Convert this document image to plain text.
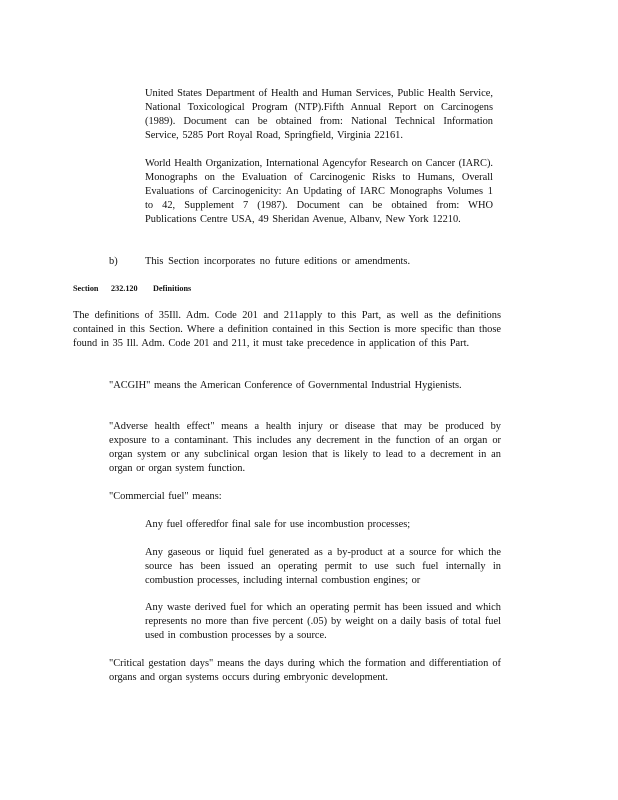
United States Department of Health and Human Services, Public Health Service, National Toxicological Program (NTP).Fifth Annual Report on Carcinogens (1989). Document can be obtained from: National Technical Information Service, 5285 Port Royal Road, Springfield, Virginia 22161.

World Health Organization, International Agencyfor Research on Cancer (IARC). Monographs on the Evaluation of Carcinogenic Risks to Humans, Overall Evaluations of Carcinogenicity: An Updating of IARC Monographs Volumes 1 to 42, Supplement 7 (1987). Document can be obtained from: WHO Publications Centre USA, 49 Sheridan Avenue, Albanv, New York 12210.

b)	This Section incorporates no future editions or amendments.
Section 232.120 Definitions

The definitions of 35Ill. Adm. Code 201 and 211apply to this Part, as well as the definitions contained in this Section. Where a definition contained in this Section is more specific than those found in 35 Ill. Adm. Code 201 and 211, it must take precedence in application of this Part.

"ACGIH" means the American Conference of Governmental Industrial Hygienists.

"Adverse health effect" means a health injury or disease that may be produced by exposure to a contaminant. This includes any decrement in the function of an organ or organ system or any subclinical organ lesion that is likely to lead to a decrement in an organ or organ system function.

"Commercial fuel" means:

Any fuel offeredfor final sale for use incombustion processes;

Any gaseous or liquid fuel generated as a by-product at a source for which the source has been issued an operating permit to use such fuel internally in combustion processes, including internal combustion engines; or

Any waste derived fuel for which an operating permit has been issued and which represents no more than five percent (.05) by weight on a daily basis of total fuel used in combustion processes by a source.

"Critical gestation days" means the days during which the formation and differentiation of organs and organ systems occurs during embryonic development.
